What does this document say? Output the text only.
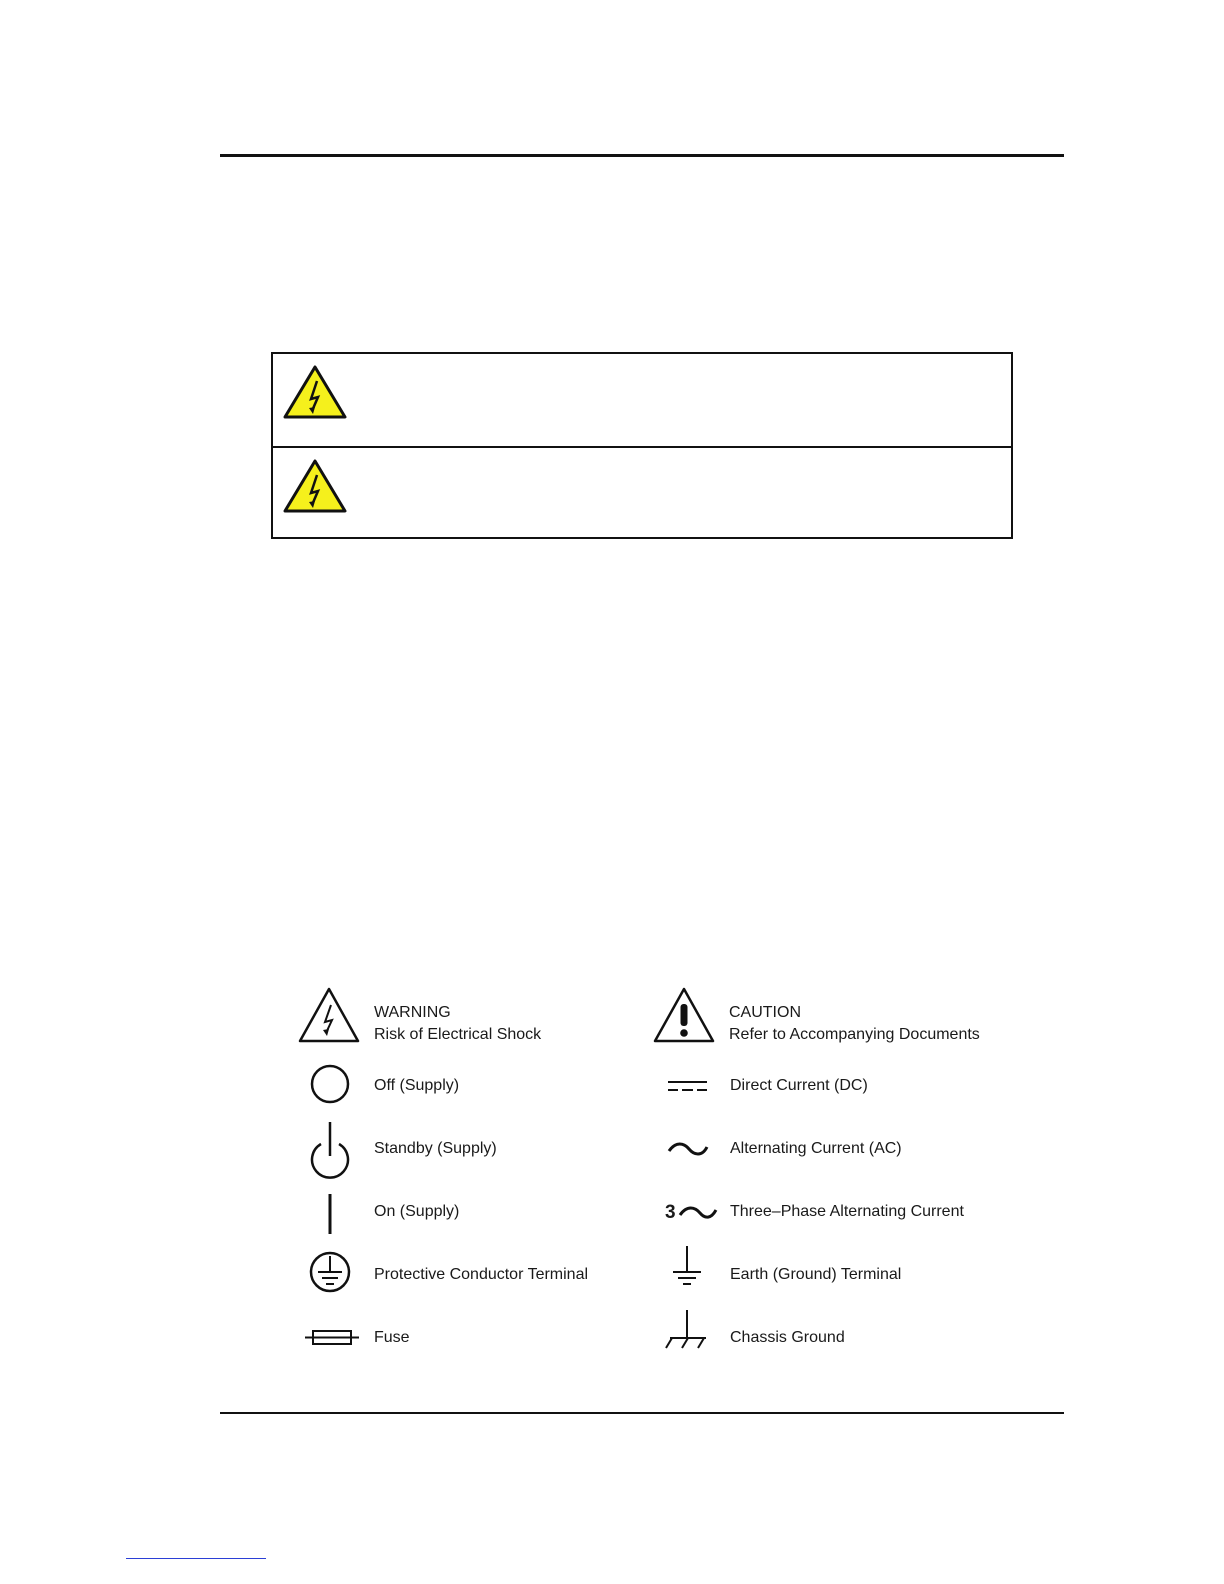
WARNING
Risk of Electrical Shock
Off (Supply)
Standby (Supply)
On (Supply)
Protective Conductor Terminal
Fuse
CAUTION
Refer to Accompanying Documents
Direct Current (DC)
Alternating Current (AC)
3	Three–Phase Alternating Current
Earth (Ground) Terminal
Chassis Ground
